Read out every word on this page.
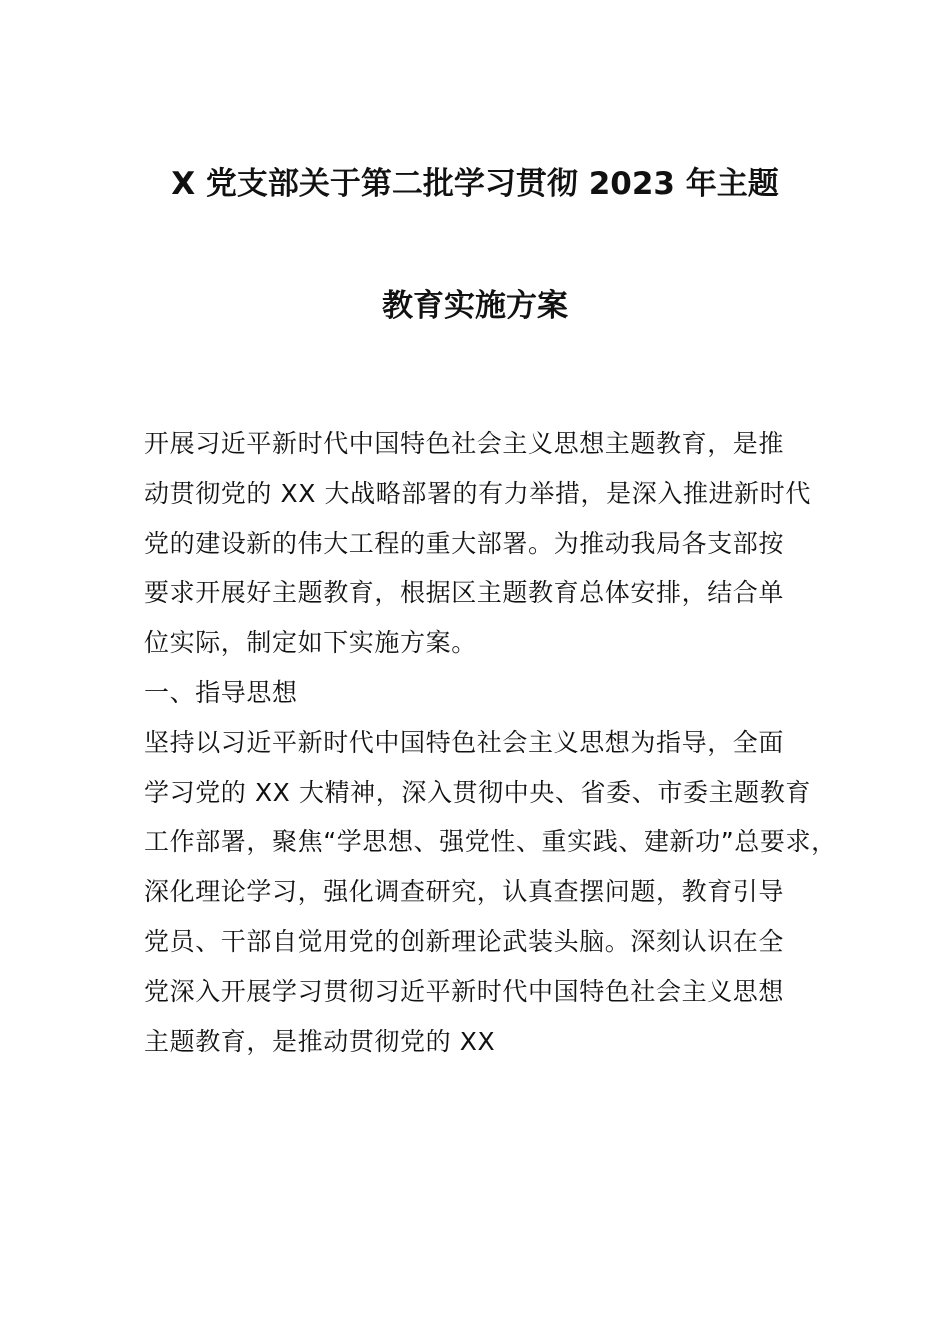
X 党支部关于第二批学习贯彻 2023 年主题
教育实施方案
开展习近平新时代中国特色社会主义思想主题教育，是推
动贯彻党的 XX 大战略部署的有力举措，是深入推进新时代
党的建设新的伟大工程的重大部署。为推动我局各支部按
要求开展好主题教育，根据区主题教育总体安排，结合单
位实际，制定如下实施方案。
一、指导思想
坚持以习近平新时代中国特色社会主义思想为指导，全面
学习党的 XX 大精神，深入贯彻中央、省委、市委主题教育
工作部署，聚焦“学思想、强党性、重实践、建新功”总要求，
深化理论学习，强化调查研究，认真查摆问题，教育引导
党员、干部自觉用党的创新理论武装头脑。深刻认识在全
党深入开展学习贯彻习近平新时代中国特色社会主义思想
主题教育，是推动贯彻党的 XX
